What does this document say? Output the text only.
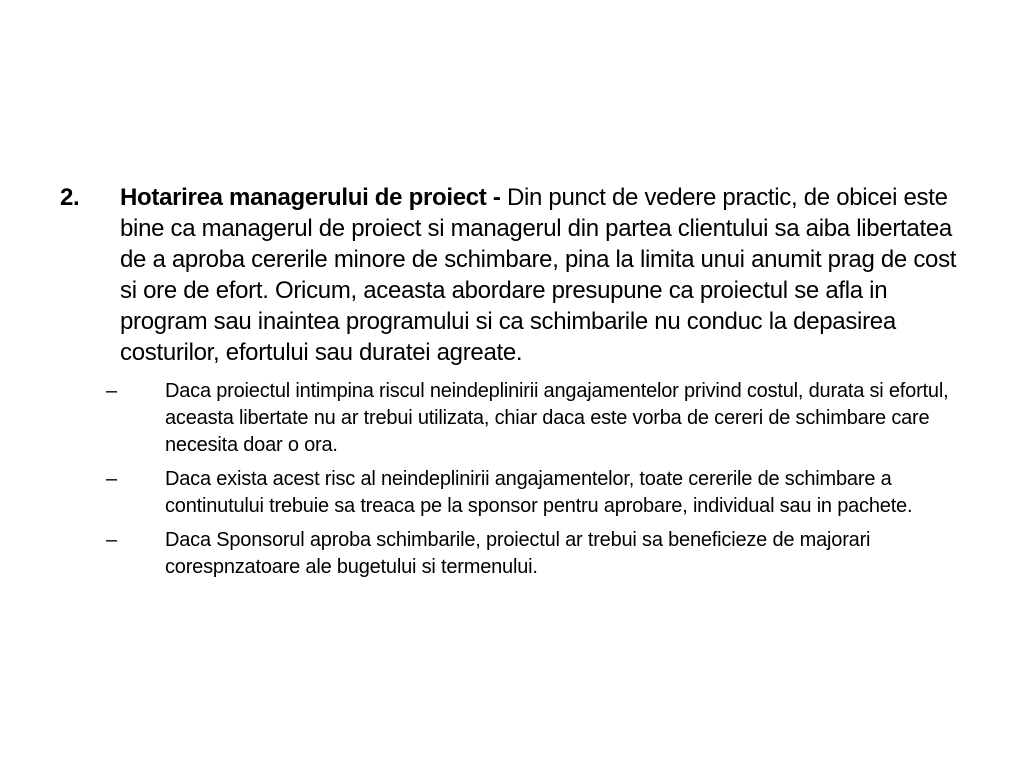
2.	Hotarirea managerului de proiect - Din punct de vedere practic, de obicei este bine ca managerul de proiect si managerul din partea clientului sa aiba libertatea de a aproba cererile minore de schimbare, pina la limita unui anumit prag de cost si ore de efort. Oricum, aceasta abordare presupune ca proiectul se afla in program sau inaintea programului si ca schimbarile nu conduc la depasirea costurilor, efortului sau duratei agreate.
–	Daca proiectul intimpina riscul neindeplinirii angajamentelor privind costul, durata si efortul, aceasta libertate nu ar trebui utilizata, chiar daca este vorba de cereri de schimbare care necesita doar o ora.
–	Daca exista acest risc al neindeplinirii angajamentelor, toate cererile de schimbare a continutului trebuie sa treaca pe la sponsor pentru aprobare, individual sau in pachete.
–	Daca Sponsorul aproba schimbarile, proiectul ar trebui sa beneficieze de majorari corespnzatoare ale bugetului si termenului.
